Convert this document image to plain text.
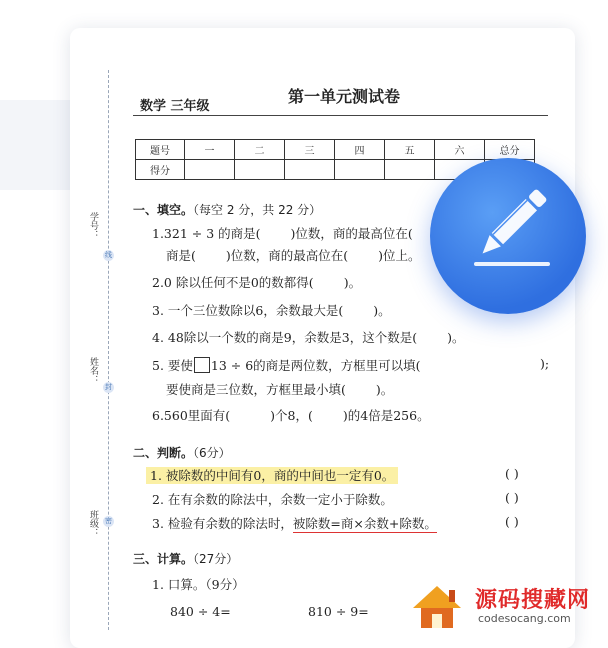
学号：
姓名：
班级：
线
封
密
数学 三年级
第一单元测试卷
题号	一	二	三	四	五	六	总分
得分							
一、填空。（每空 2 分，共 22 分）
1.321 ÷ 3 的商是( )位数，商的最高位在(
商是( )位数，商的最高位在( )位上。
2.0 除以任何不是0的数都得( )。
3. 一个三位数除以6，余数最大是( )。
4. 48除以一个数的商是9，余数是3，这个数是( )。
5. 要使 13 ÷ 6的商是两位数，方框里可以填(	);
要使商是三位数，方框里最小填( )。
6.560里面有(	)个8，( )的4倍是256。
二、判断。（6分）
1. 被除数的中间有0，商的中间也一定有0。	( )
2. 在有余数的除法中，余数一定小于除数。	( )
3. 检验有余数的除法时，被除数=商×余数+除数。	( )
三、计算。（27分）
1. 口算。（9分）
840 ÷ 4=	810 ÷ 9=	源码搜藏网
codesocang.com
